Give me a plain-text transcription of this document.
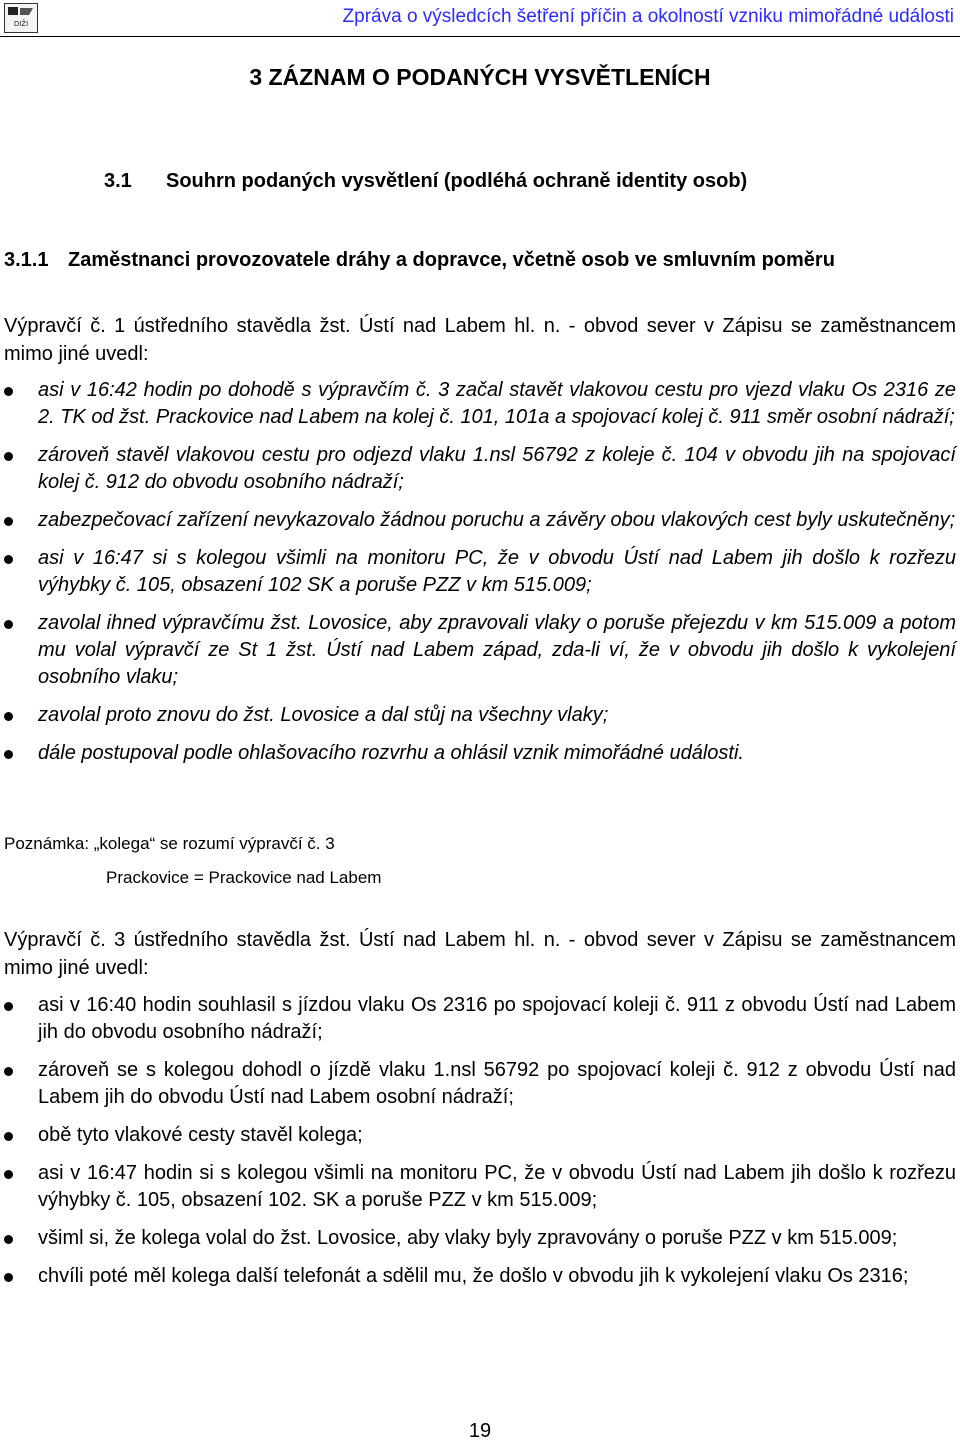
DIŽI	Zpráva o výsledcích šetření příčin a okolností vzniku mimořádné události
3 ZÁZNAM O PODANÝCH VYSVĚTLENÍCH
3.1 Souhrn podaných vysvětlení (podléhá ochraně identity osob)
3.1.1 Zaměstnanci provozovatele dráhy a dopravce, včetně osob ve smluvním poměru
Výpravčí č. 1 ústředního stavědla žst. Ústí nad Labem hl. n. - obvod sever v Zápisu se zaměstnancem mimo jiné uvedl:
asi v 16:42 hodin po dohodě s výpravčím č. 3 začal stavět vlakovou cestu pro vjezd vlaku Os 2316 ze 2. TK od žst. Prackovice nad Labem na kolej č. 101, 101a a spojovací kolej č. 911 směr osobní nádraží;
zároveň stavěl vlakovou cestu pro odjezd vlaku 1.nsl 56792 z koleje č. 104 v obvodu jih na spojovací kolej č. 912 do obvodu osobního nádraží;
zabezpečovací zařízení nevykazovalo žádnou poruchu a závěry obou vlakových cest byly uskutečněny;
asi v 16:47 si s kolegou všimli na monitoru PC, že v obvodu Ústí nad Labem jih došlo k rozřezu výhybky č. 105, obsazení 102 SK a poruše PZZ v km 515.009;
zavolal ihned výpravčímu žst. Lovosice, aby zpravovali vlaky o poruše přejezdu v km 515.009 a potom mu volal výpravčí ze St 1 žst. Ústí nad Labem západ, zda-li ví, že v obvodu jih došlo k vykolejení osobního vlaku;
zavolal proto znovu do žst. Lovosice a dal stůj na všechny vlaky;
dále postupoval podle ohlašovacího rozvrhu a ohlásil vznik mimořádné události.
Poznámka: „kolega“ se rozumí výpravčí č. 3
Prackovice = Prackovice nad Labem
Výpravčí č. 3 ústředního stavědla žst. Ústí nad Labem hl. n. - obvod sever v Zápisu se zaměstnancem mimo jiné uvedl:
asi v 16:40 hodin souhlasil s jízdou vlaku Os 2316 po spojovací koleji č. 911 z obvodu Ústí nad Labem jih do obvodu osobního nádraží;
zároveň se s kolegou dohodl o jízdě vlaku 1.nsl 56792 po spojovací koleji č. 912 z obvodu Ústí nad Labem jih do obvodu Ústí nad Labem osobní nádraží;
obě tyto vlakové cesty stavěl kolega;
asi v 16:47 hodin si s kolegou všimli na monitoru PC, že v obvodu Ústí nad Labem jih došlo k rozřezu výhybky č. 105, obsazení 102. SK a poruše PZZ v km 515.009;
všiml si, že kolega volal do žst. Lovosice, aby vlaky byly zpravovány o poruše PZZ v km 515.009;
chvíli poté měl kolega další telefonát a sdělil mu, že došlo v obvodu jih k vykolejení vlaku Os 2316;
19
